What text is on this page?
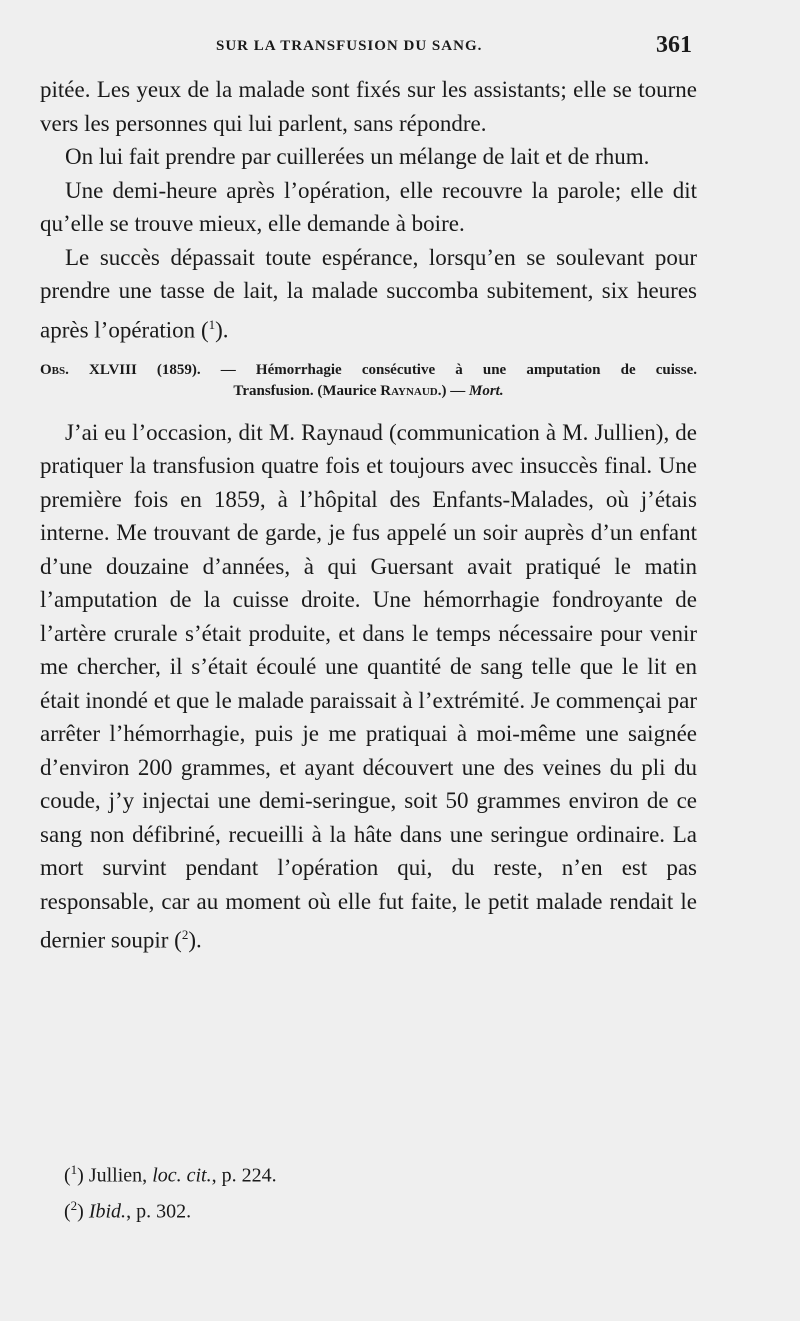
SUR LA TRANSFUSION DU SANG.	361

pitée. Les yeux de la malade sont fixés sur les assistants; elle se tourne vers les personnes qui lui parlent, sans répondre.

On lui fait prendre par cuillerées un mélange de lait et de rhum.

Une demi-heure après l’opération, elle recouvre la parole; elle dit qu’elle se trouve mieux, elle demande à boire.

Le succès dépassait toute espérance, lorsqu’en se soulevant pour prendre une tasse de lait, la malade succomba subitement, six heures après l’opération ($^1$).

Obs. XLVIII (1859). — Hémorrhagie consécutive à une amputation de cuisse.
Transfusion. (Maurice Raynaud.) — Mort.

J’ai eu l’occasion, dit M. Raynaud (communication à M. Jullien), de pratiquer la transfusion quatre fois et toujours avec insuccès final. Une première fois en 1859, à l’hôpital des Enfants-Malades, où j’étais interne. Me trouvant de garde, je fus appelé un soir auprès d’un enfant d’une douzaine d’années, à qui Guersant avait pratiqué le matin l’amputation de la cuisse droite. Une hémorrhagie fondroyante de l’artère crurale s’était produite, et dans le temps nécessaire pour venir me chercher, il s’était écoulé une quantité de sang telle que le lit en était inondé et que le malade paraissait à l’extrémité. Je commençai par arrêter l’hémorrhagie, puis je me pratiquai à moi-même une saignée d’environ 200 grammes, et ayant découvert une des veines du pli du coude, j’y injectai une demi-seringue, soit 50 grammes environ de ce sang non défibriné, recueilli à la hâte dans une seringue ordinaire. La mort survint pendant l’opération qui, du reste, n’en est pas responsable, car au moment où elle fut faite, le petit malade rendait le dernier soupir ($^2$).

($^1$) Jullien, loc. cit., p. 224.
($^2$) Ibid., p. 302.
